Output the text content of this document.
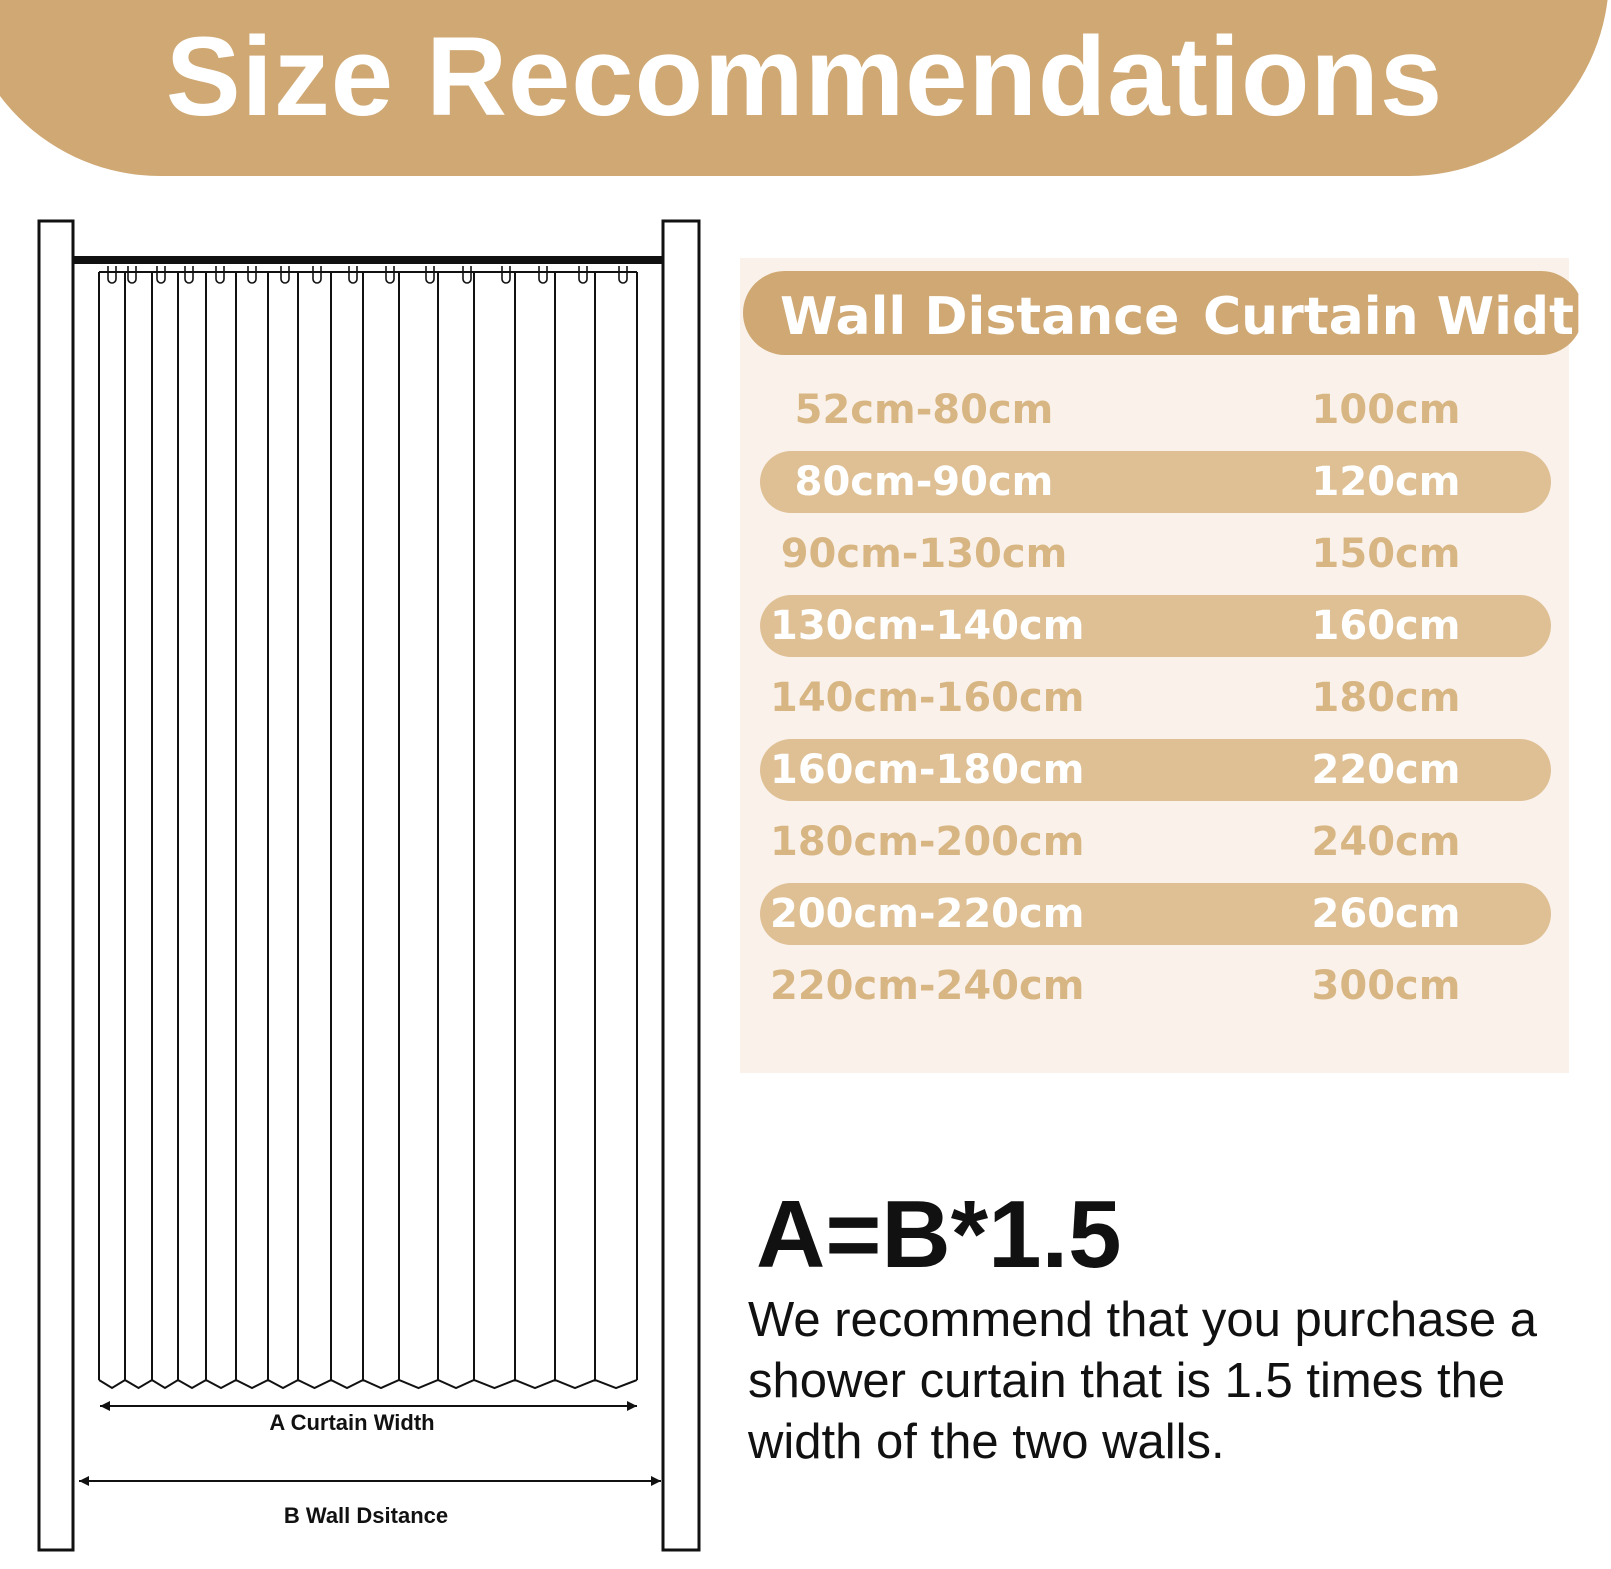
Size Recommendations
A Curtain Width
B Wall Dsitance
Wall Distance Curtain Width
52cm-80cm	100cm
80cm-90cm	120cm
90cm-130cm	150cm
130cm-140cm	160cm
140cm-160cm	180cm
160cm-180cm	220cm
180cm-200cm	240cm
200cm-220cm	260cm
220cm-240cm	300cm
A=B*1.5
We recommend that you purchase a shower curtain that is 1.5 times the width of the two walls.
